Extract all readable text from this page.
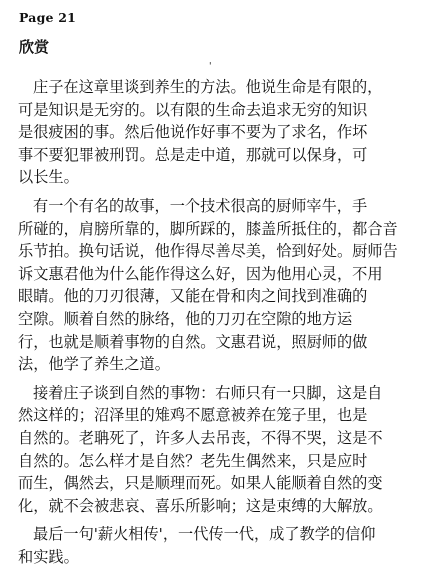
Page 21
欣赏
'

庄子在这章里谈到养生的方法。他说生命是有限的，
可是知识是无穷的。以有限的生命去追求无穷的知识
是很疲困的事。然后他说作好事不要为了求名，作坏
事不要犯罪被刑罚。总是走中道，那就可以保身，可
以长生。

有一个有名的故事，一个技术很高的厨师宰牛，手
所碰的，肩膀所靠的，脚所踩的，膝盖所抵住的，都合音
乐节拍。换句话说，他作得尽善尽美，恰到好处。厨师告
诉文惠君他为什么能作得这么好，因为他用心灵，不用
眼睛。他的刀刃很薄，又能在骨和肉之间找到准确的
空隙。顺着自然的脉络，他的刀刃在空隙的地方运
行，也就是顺着事物的自然。文惠君说，照厨师的做
法，他学了养生之道。

接着庄子谈到自然的事物：右师只有一只脚，这是自
然这样的；沼泽里的雉鸡不愿意被养在笼子里，也是
自然的。老聃死了，许多人去吊丧，不得不哭，这是不
自然的。怎么样才是自然？老先生偶然来，只是应时
而生，偶然去，只是顺理而死。如果人能顺着自然的变
化，就不会被悲哀、喜乐所影响；这是束缚的大解放。

最后一句'薪火相传'，一代传一代，成了教学的信仰
和实践。
